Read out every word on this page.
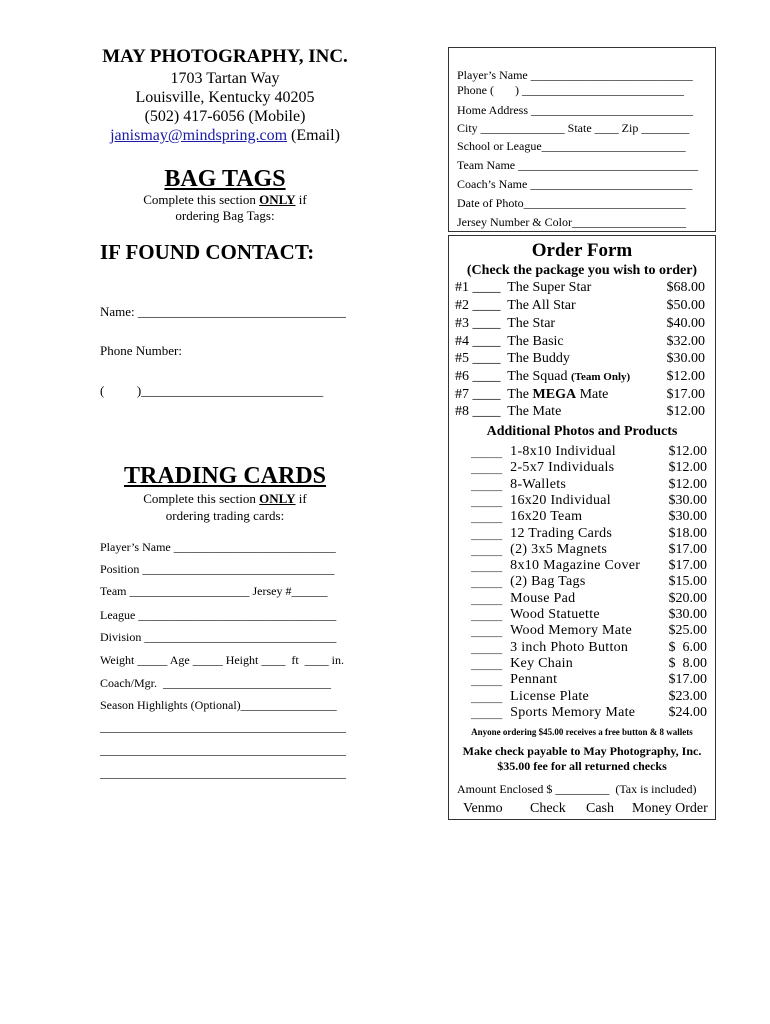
MAY PHOTOGRAPHY, INC.
1703 Tartan Way
Louisville, Kentucky 40205
(502) 417-6056 (Mobile)
janismay@mindspring.com (Email)
BAG TAGS
Complete this section ONLY if
ordering Bag Tags:
IF FOUND CONTACT:
Name: ________________________________
Phone Number:
(          )____________________________
TRADING CARDS
Complete this section ONLY if
ordering trading cards:
Player’s Name ___________________________
Position ________________________________
Team ____________________ Jersey #______
League _________________________________
Division ________________________________
Weight _____ Age _____ Height ____  ft  ____ in.
Coach/Mgr.  ____________________________
Season Highlights (Optional)________________
_________________________________________
_________________________________________
_________________________________________
Player’s Name ___________________________
Phone (       ) ___________________________
Home Address ___________________________
City ______________ State ____ Zip ________
School or League________________________
Team Name ______________________________
Coach’s Name ___________________________
Date of Photo___________________________
Jersey Number & Color___________________
Order Form
(Check the package you wish to order)
#1 ____  The Super Star	$68.00
#2 ____  The All Star	$50.00
#3 ____  The Star	$40.00
#4 ____  The Basic	$32.00
#5 ____  The Buddy	$30.00
#6 ____  The Squad (Team Only)	$12.00
#7 ____  The MEGA Mate	$17.00
#8 ____  The Mate	$12.00
Additional Photos and Products
____ 1-8x10 Individual	$12.00
____ 2-5x7 Individuals	$12.00
____ 8-Wallets	$12.00
____ 16x20 Individual	$30.00
____ 16x20 Team	$30.00
____ 12 Trading Cards	$18.00
____ (2) 3x5 Magnets	$17.00
____ 8x10 Magazine Cover $17.00
____ (2) Bag Tags	$15.00
____ Mouse Pad	$20.00
____ Wood Statuette	$30.00
____ Wood Memory Mate	$25.00
____ 3 inch Photo Button	$  6.00
____ Key Chain	$  8.00
____ Pennant	$17.00
____ License Plate	$23.00
____ Sports Memory Mate $24.00
Anyone ordering $45.00 receives a free button & 8 wallets
Make check payable to May Photography, Inc.
$35.00 fee for all returned checks
Amount Enclosed $ _________  (Tax is included)
Venmo Check Cash Money Order
